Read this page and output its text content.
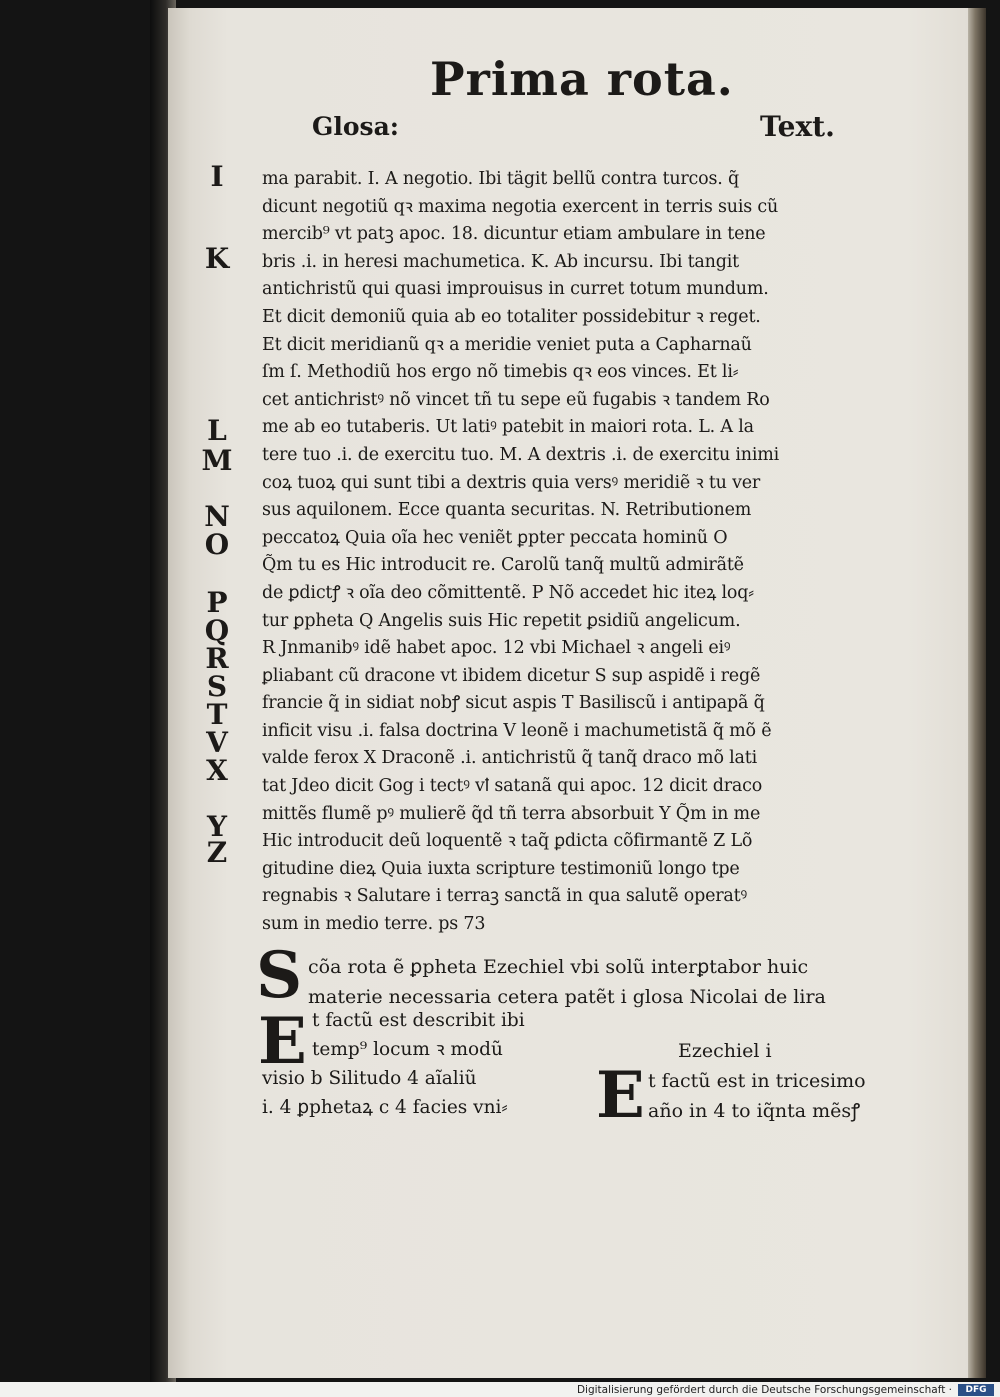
Prima rota.
Glosa:	Text.
I
K
L
M
N
O
P
Q
R
S
T
V
X
Y
Z
ma parabit. I. A negotio. Ibi tägit bellũ contra turcos. q̃
dicunt negotiũ qꝛ maxima negotia exercent in terris suis cũ
mercib⁹ vt patꝫ apoc. 18. dicuntur etiam ambulare in tene
bris .i. in heresi machumetica. K. Ab incursu. Ibi tangit
antichristũ qui quasi improuisus in curret totum mundum.
Et dicit demoniũ quia ab eo totaliter possidebitur ꝛ reget.
Et dicit meridianũ qꝛ a meridie veniet puta a Capharnaũ
ſm ſ. Methodiũ hos ergo nõ timebis qꝛ eos vinces. Et li⸗
cet antichristꝰ nõ vincet tñ tu sepe eũ fugabis ꝛ tandem Ro
me ab eo tutaberis. Ut latiꝰ patebit in maiori rota. L. A la
tere tuo .i. de exercitu tuo. M. A dextris .i. de exercitu inimi
coꝝ tuoꝝ qui sunt tibi a dextris quia versꝰ meridiẽ ꝛ tu ver
sus aquilonem. Ecce quanta securitas. N. Retributionem
peccatoꝝ Quia oĩa hec veniẽt ꝑpter peccata hominũ O
Q̃m tu es Hic introducit re. Carolũ tanq̃ multũ admirãtẽ
de ꝑdictꝭ ꝛ oĩa deo cõmittentẽ. P Nõ accedet hic iteꝝ loq⸗
tur ꝑpheta Q Angelis suis Hic repetit ꝑsidiũ angelicum.
R Jnmanibꝰ idẽ habet apoc. 12 vbi Michael ꝛ angeli eiꝰ
ꝑliabant cũ dracone vt ibidem dicetur S sup aspidẽ i regẽ
francie q̃ in sidiat nobꝭ sicut aspis T Basiliscũ i antipapã q̃
inficit visu .i. falsa doctrina V leonẽ i machumetistã q̃ mõ ẽ
valde ferox X Draconẽ .i. antichristũ q̃ tanq̃ draco mõ lati
tat Jdeo dicit Gog i tectꝰ vꝉ satanã qui apoc. 12 dicit draco
mittẽs flumẽ pꝰ mulierẽ q̃d tñ terra absorbuit Y Q̃m in me
Hic introducit deũ loquentẽ ꝛ taq̃ ꝑdicta cõfirmantẽ Z Lõ
gitudine dieꝝ Quia iuxta scripture testimoniũ longo tpe
regnabis ꝛ Salutare i terraꝫ sanctã in qua salutẽ operatꝰ
sum in medio terre. ps 73
S cõa rota ẽ ꝑpheta Ezechiel vbi solũ interꝑtabor huic
materie necessaria cetera patẽt i glosa Nicolai de lira
E t factũ est describit ibi
temp⁹ locum ꝛ modũ
visio b Silitudo 4 aĩaliũ
i. 4 ꝑphetaꝝ c 4 facies vni⸗	E
Ezechiel i
t factũ est in tricesimo
año in 4 to iq̃nta mẽsꝭ
Digitalisierung gefördert durch die Deutsche Forschungsgemeinschaft ·	DFG
